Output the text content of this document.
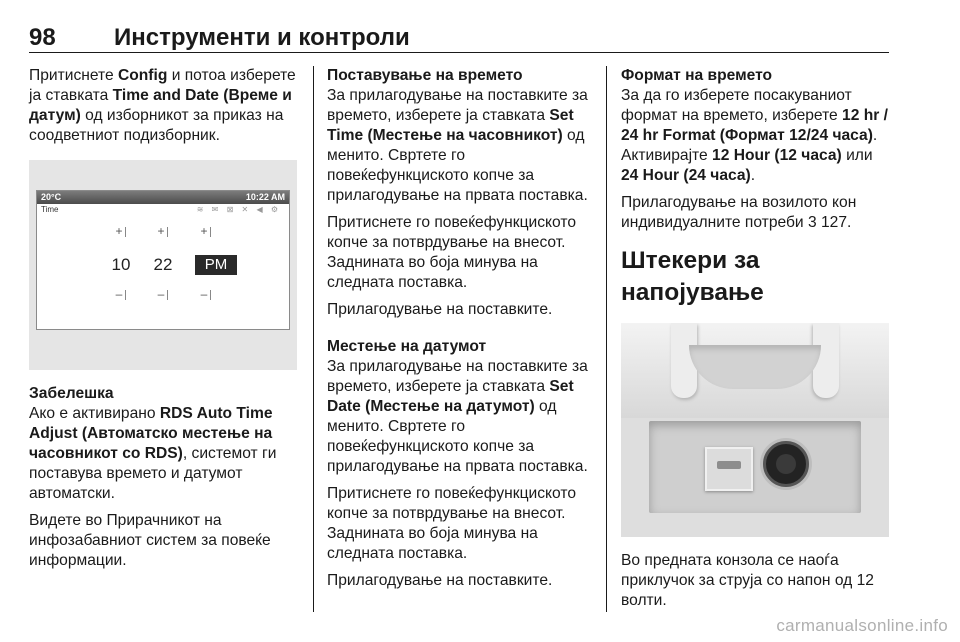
98 Инструменти и контроли

Притиснете Config и потоа изберете ја ставката Time and Date (Време и датум) од изборникот за приказ на соодветниот подизборник.

20°C	10:22 AM
Time	≋ ✉ ⊠ ✕ ◀ ⚙
+	+	+
10	22	PM
–	–	–
Забелешка

Ако е активирано RDS Auto Time Adjust (Автоматско местење на часовникот со RDS), системот ги поставува времето и датумот автоматски.

Видете во Прирачникот на инфозабавниот систем за повеќе информации.

Поставување на времето

За прилагодување на поставките за времето, изберете ја ставката Set Time (Местење на часовникот) од менито. Свртете го повеќефункциското копче за прилагодување на првата поставка.

Притиснете го повеќефункциското копче за потврдување на внесот. Заднината во боја минува на следната поставка.

Прилагодување на поставките.

Местење на датумот

За прилагодување на поставките за времето, изберете ја ставката Set Date (Местење на датумот) од менито. Свртете го повеќефункциското копче за прилагодување на првата поставка.

Притиснете го повеќефункциското копче за потврдување на внесот. Заднината во боја минува на следната поставка.

Прилагодување на поставките.

Формат на времето

За да го изберете посакуваниот формат на времето, изберете 12 hr / 24 hr Format (Формат 12/24 часа). Активирајте 12 Hour (12 часа) или 24 Hour (24 часа).

Прилагодување на возилото кон индивидуалните потреби 3 127.

Штекери за напојување

Во предната конзола се наоѓа приклучок за струја со напон од 12 волти.

carmanualsonline.info
